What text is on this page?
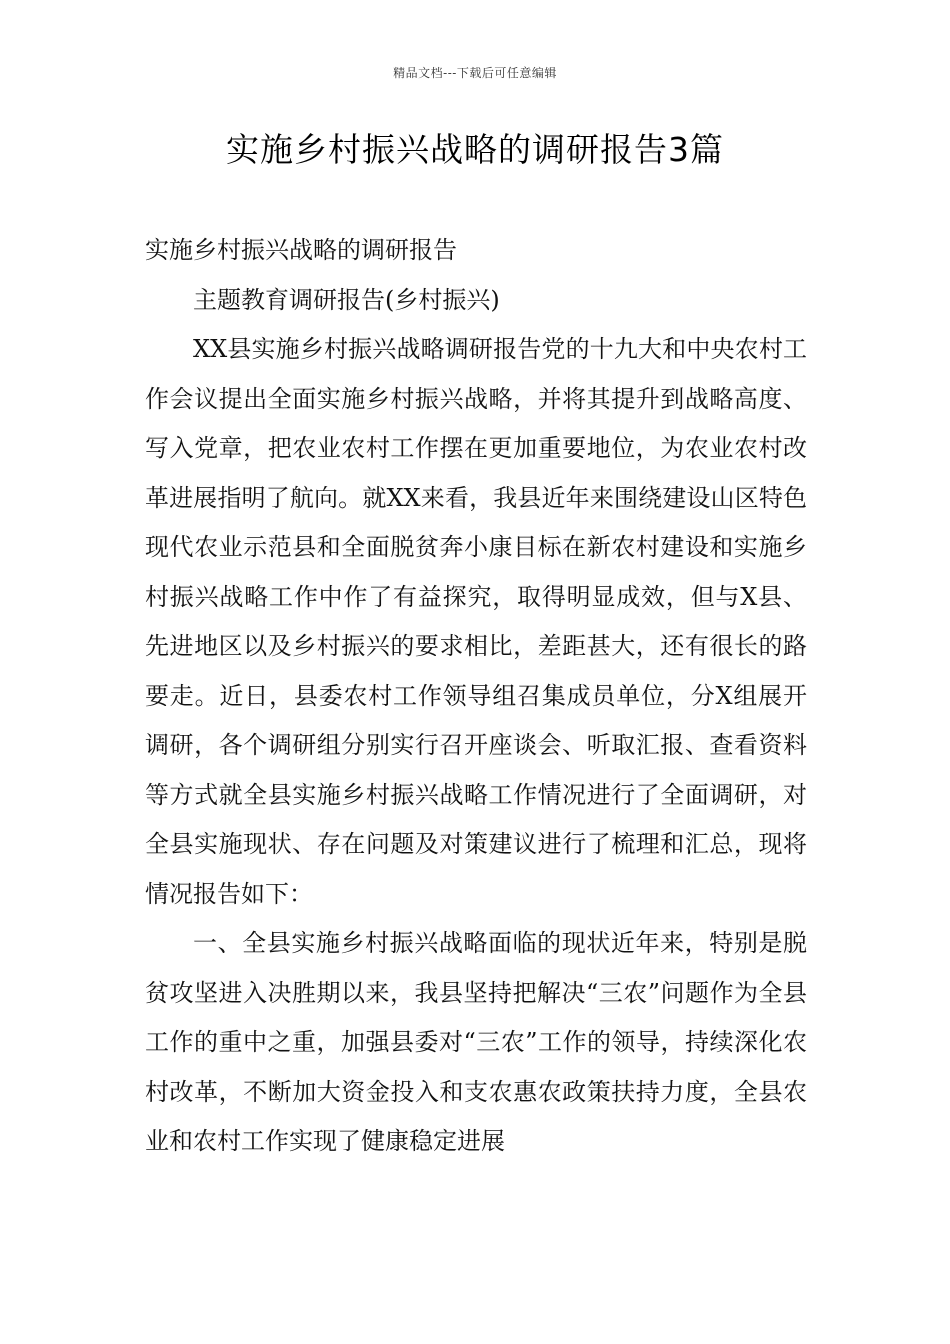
精品文档---下载后可任意编辑
实施乡村振兴战略的调研报告3篇

实施乡村振兴战略的调研报告

主题教育调研报告(乡村振兴)

XX县实施乡村振兴战略调研报告党的十九大和中央农村工作会议提出全面实施乡村振兴战略，并将其提升到战略高度、写入党章，把农业农村工作摆在更加重要地位，为农业农村改革进展指明了航向。就XX来看，我县近年来围绕建设山区特色现代农业示范县和全面脱贫奔小康目标在新农村建设和实施乡村振兴战略工作中作了有益探究，取得明显成效，但与X县、先进地区以及乡村振兴的要求相比，差距甚大，还有很长的路要走。近日，县委农村工作领导组召集成员单位，分X组展开调研，各个调研组分别实行召开座谈会、听取汇报、查看资料等方式就全县实施乡村振兴战略工作情况进行了全面调研，对全县实施现状、存在问题及对策建议进行了梳理和汇总，现将情况报告如下：

一、全县实施乡村振兴战略面临的现状近年来，特别是脱贫攻坚进入决胜期以来，我县坚持把解决“三农”问题作为全县工作的重中之重，加强县委对“三农”工作的领导，持续深化农村改革，不断加大资金投入和支农惠农政策扶持力度，全县农业和农村工作实现了健康稳定进展
